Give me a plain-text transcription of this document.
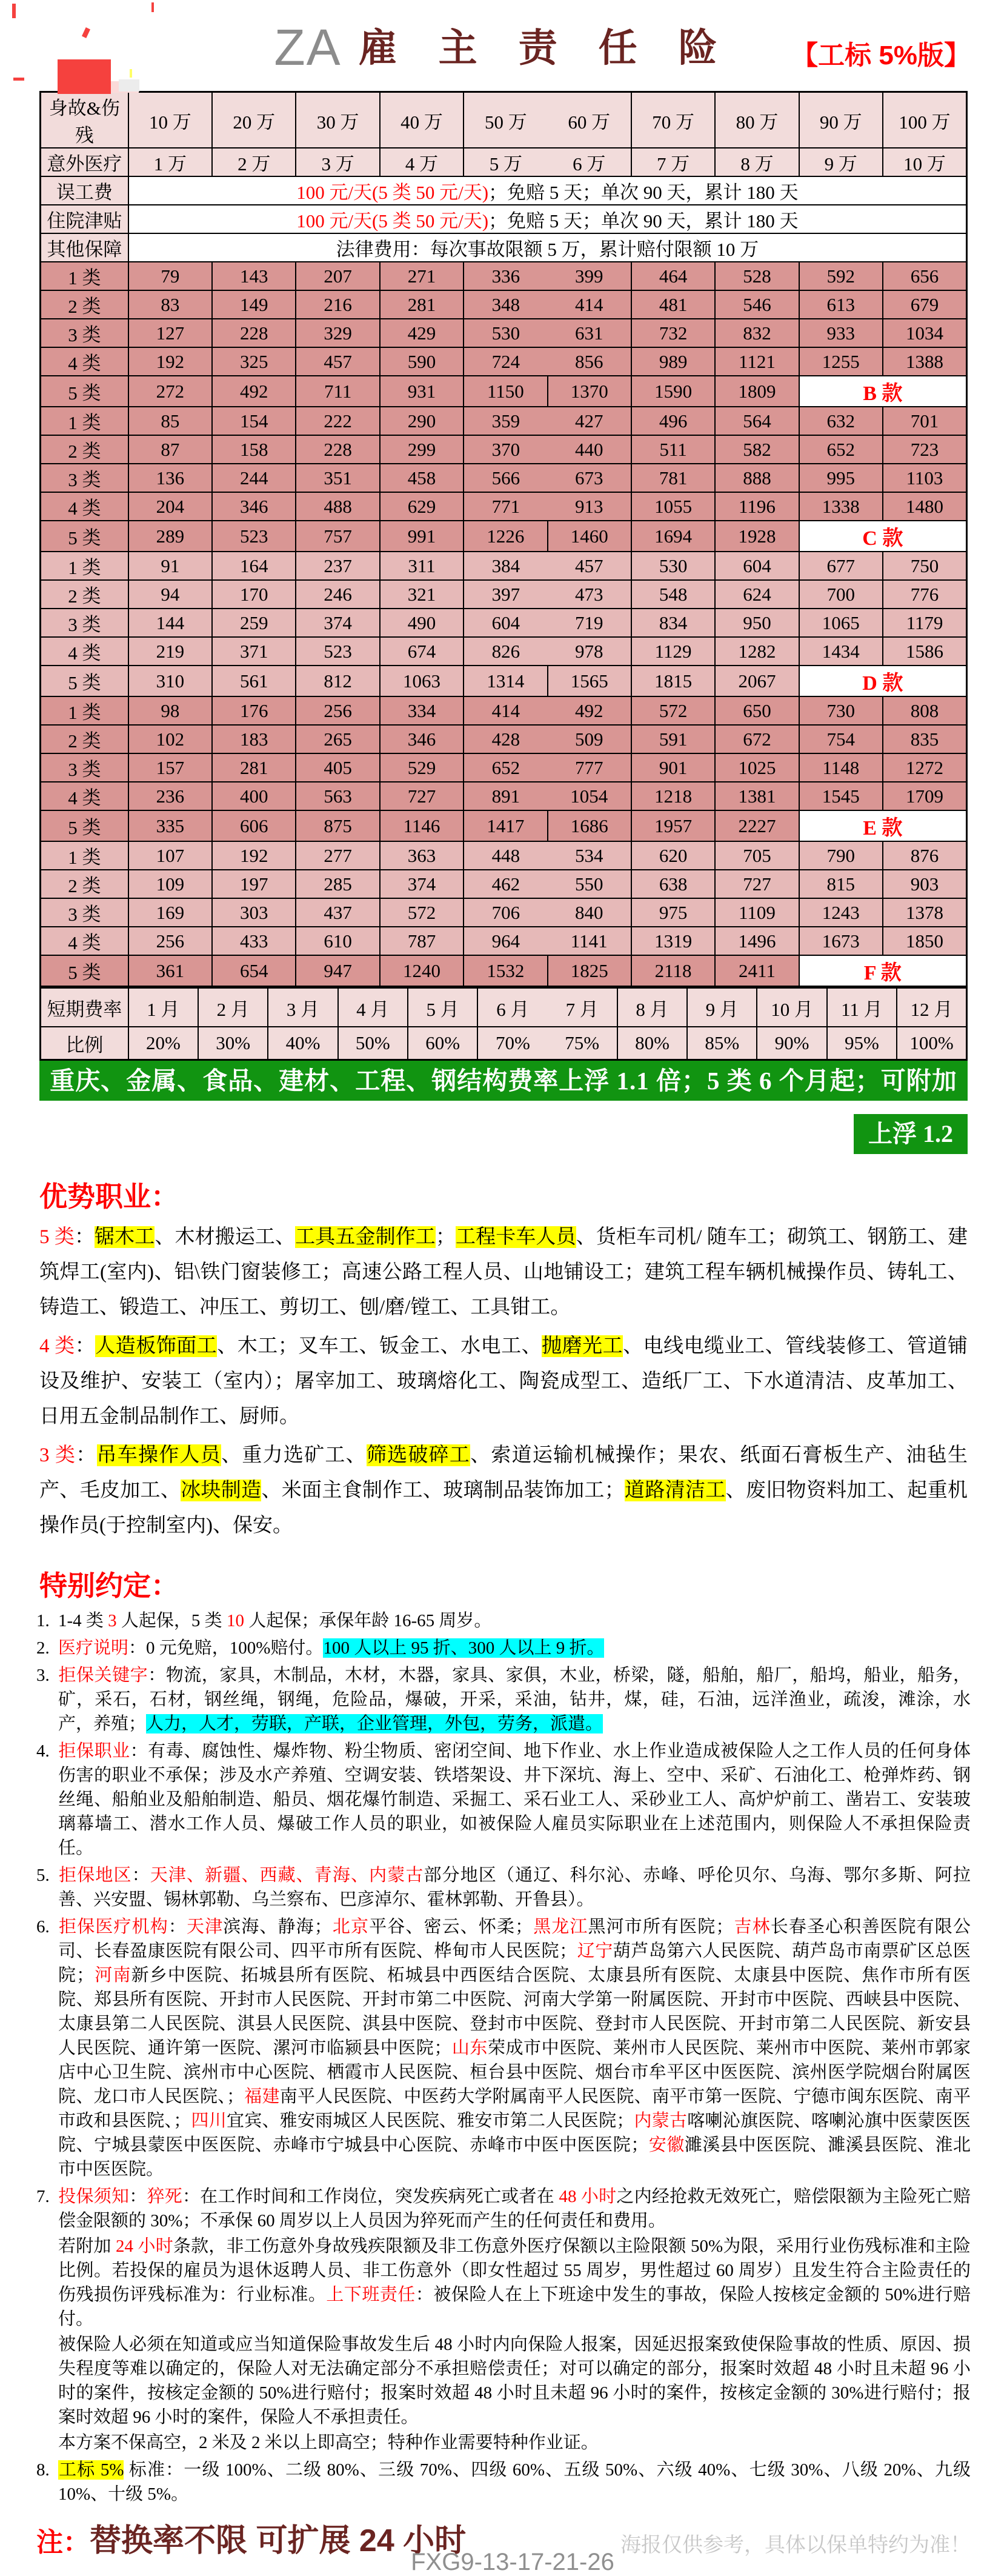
ZA 雇 主 责 任 险	【工标 5%版】
身故&伤残	10 万	20 万	30 万	40 万	50 万 60 万		70 万	80 万	90 万	100 万
意外医疗	1 万	2 万	3 万	4 万	5 万 6 万		7 万	8 万	9 万	10 万
误工费	100 元/天(5 类 50 元/天)；免赔 5 天；单次 90 天，累计 180 天									
住院津贴	100 元/天(5 类 50 元/天)；免赔 5 天；单次 90 天，累计 180 天									
其他保障	法律费用：每次事故限额 5 万，累计赔付限额 10 万									
1 类	79	143	207	271	336 399		464	528	592	656
2 类	83	149	216	281	348 414		481	546	613	679
3 类	127	228	329	429	530 631		732	832	933	1034
4 类	192	325	457	590	724 856		989	1121	1255	1388
5 类	272	492	711	931	1150	1370	1590	1809	B 款	
1 类	85	154	222	290	359 427		496	564	632	701
2 类	87	158	228	299	370 440		511	582	652	723
3 类	136	244	351	458	566 673		781	888	995	1103
4 类	204	346	488	629	771 913		1055	1196	1338	1480
5 类	289	523	757	991	1226	1460	1694	1928	C 款	
1 类	91	164	237	311	384 457		530	604	677	750
2 类	94	170	246	321	397 473		548	624	700	776
3 类	144	259	374	490	604 719		834	950	1065	1179
4 类	219	371	523	674	826 978		1129	1282	1434	1586
5 类	310	561	812	1063	1314	1565	1815	2067	D 款	
1 类	98	176	256	334	414 492		572	650	730	808
2 类	102	183	265	346	428 509		591	672	754	835
3 类	157	281	405	529	652 777		901	1025	1148	1272
4 类	236	400	563	727	891 1054		1218	1381	1545	1709
5 类	335	606	875	1146	1417	1686	1957	2227	E 款	
1 类	107	192	277	363	448 534		620	705	790	876
2 类	109	197	285	374	462 550		638	727	815	903
3 类	169	303	437	572	706 840		975	1109	1243	1378
4 类	256	433	610	787	964 1141		1319	1496	1673	1850
5 类	361	654	947	1240	1532	1825	2118	2411	F 款	
短期费率	1 月	2 月	3 月	4 月	5 月	6 月 7 月	8 月	9 月	10 月	11 月	12 月
比例	20%	30%	40%	50%	60%	70% 75%	80%	85%	90%	95%	100%
重庆、金属、食品、建材、工程、钢结构费率上浮 1.1 倍；5 类 6 个月起；可附加 24 小时费率	上浮 1.2 倍
优势职业：
5 类：锯木工、木材搬运工、工具五金制作工；工程卡车人员、货柜车司机/ 随车工；砌筑工、钢筋工、建筑焊工(室内)、铝\铁门窗装修工；高速公路工程人员、山地铺设工；建筑工程车辆机械操作员、铸轧工、铸造工、锻造工、冲压工、剪切工、刨/磨/镗工、工具钳工。
4 类：人造板饰面工、木工；叉车工、钣金工、水电工、抛磨光工、电线电缆业工、管线装修工、管道铺设及维护、安装工（室内）；屠宰加工、玻璃熔化工、陶瓷成型工、造纸厂工、下水道清洁、皮革加工、日用五金制品制作工、厨师。
3 类：吊车操作人员、重力选矿工、筛选破碎工、索道运输机械操作；果农、纸面石膏板生产、油毡生产、毛皮加工、冰块制造、米面主食制作工、玻璃制品装饰加工；道路清洁工、废旧物资料加工、起重机操作员(于控制室内)、保安。
特别约定：
1. 1-4 类 3 人起保，5 类 10 人起保；承保年龄 16-65 周岁。
2. 医疗说明：0 元免赔，100%赔付。100 人以上 95 折、300 人以上 9 折。
3. 拒保关键字：物流，家具，木制品，木材，木器，家具、家俱，木业，桥梁，隧，船舶，船厂，船坞，船业，船务，矿，采石，石材，钢丝绳，钢绳，危险品，爆破，开采，采油，钻井，煤，硅，石油，远洋渔业，疏浚，滩涂，水产，养殖；人力，人才，劳联，产联，企业管理，外包，劳务，派遣。
4. 拒保职业：有毒、腐蚀性、爆炸物、粉尘物质、密闭空间、地下作业、水上作业造成被保险人之工作人员的任何身体伤害的职业不承保；涉及水产养殖、空调安装、铁塔架设、井下深坑、海上、空中、采矿、石油化工、枪弹炸药、钢丝绳、船舶业及船舶制造、船员、烟花爆竹制造、采掘工、采石业工人、采砂业工人、高炉炉前工、凿岩工、安装玻璃幕墙工、潜水工作人员、爆破工作人员的职业，如被保险人雇员实际职业在上述范围内，则保险人不承担保险责任。
5. 拒保地区：天津、新疆、西藏、青海、内蒙古部分地区（通辽、科尔沁、赤峰、呼伦贝尔、乌海、鄂尔多斯、阿拉善、兴安盟、锡林郭勒、乌兰察布、巴彦淖尔、霍林郭勒、开鲁县）。
6. 拒保医疗机构：天津滨海、静海；北京平谷、密云、怀柔；黑龙江黑河市所有医院；吉林长春圣心积善医院有限公司、长春盈康医院有限公司、四平市所有医院、桦甸市人民医院；辽宁葫芦岛第六人民医院、葫芦岛市南票矿区总医院；河南新乡中医院、拓城县所有医院、柘城县中西医结合医院、太康县所有医院、太康县中医院、焦作市所有医院、郑县所有医院、开封市人民医院、开封市第二中医院、河南大学第一附属医院、开封市中医院、西峡县中医院、太康县第二人民医院、淇县人民医院、淇县中医院、登封市中医院、登封市人民医院、开封市第二人民医院、新安县人民医院、通许第一医院、漯河市临颍县中医院；山东荣成市中医院、莱州市人民医院、莱州市中医院、莱州市郭家店中心卫生院、滨州市中心医院、栖霞市人民医院、桓台县中医院、烟台市牟平区中医医院、滨州医学院烟台附属医院、龙口市人民医院、；福建南平人民医院、中医药大学附属南平人民医院、南平市第一医院、宁德市闽东医院、南平市政和县医院、；四川宜宾、雅安雨城区人民医院、雅安市第二人民医院；内蒙古喀喇沁旗医院、喀喇沁旗中医蒙医医院、宁城县蒙医中医医院、赤峰市宁城县中心医院、赤峰市中医中医医院；安徽濉溪县中医医院、濉溪县医院、淮北市中医医院。
7. 投保须知：猝死：在工作时间和工作岗位，突发疾病死亡或者在 48 小时之内经抢救无效死亡，赔偿限额为主险死亡赔偿金限额的 30%；不承保 60 周岁以上人员因为猝死而产生的任何责任和费用。
若附加 24 小时条款，非工伤意外身故残疾限额及非工伤意外医疗保额以主险限额 50%为限，采用行业伤残标准和主险比例。若投保的雇员为退休返聘人员、非工伤意外（即女性超过 55 周岁，男性超过 60 周岁）且发生符合主险责任的伤残损伤评残标准为：行业标准。上下班责任：被保险人在上下班途中发生的事故，保险人按核定金额的 50%进行赔付。
被保险人必须在知道或应当知道保险事故发生后 48 小时内向保险人报案，因延迟报案致使保险事故的性质、原因、损失程度等难以确定的，保险人对无法确定部分不承担赔偿责任；对可以确定的部分，报案时效超 48 小时且未超 96 小时的案件，按核定金额的 50%进行赔付；报案时效超 48 小时且未超 96 小时的案件，按核定金额的 30%进行赔付；报案时效超 96 小时的案件，保险人不承担责任。
本方案不保高空，2 米及 2 米以上即高空；特种作业需要特种作业证。
8. 工标 5% 标准：一级 100%、二级 80%、三级 70%、四级 60%、五级 50%、六级 40%、七级 30%、八级 20%、九级 10%、十级 5%。
注：替换率不限 可扩展 24 小时	海报仅供参考，具体以保单特约为准！
FXG9-13-17-21-26
